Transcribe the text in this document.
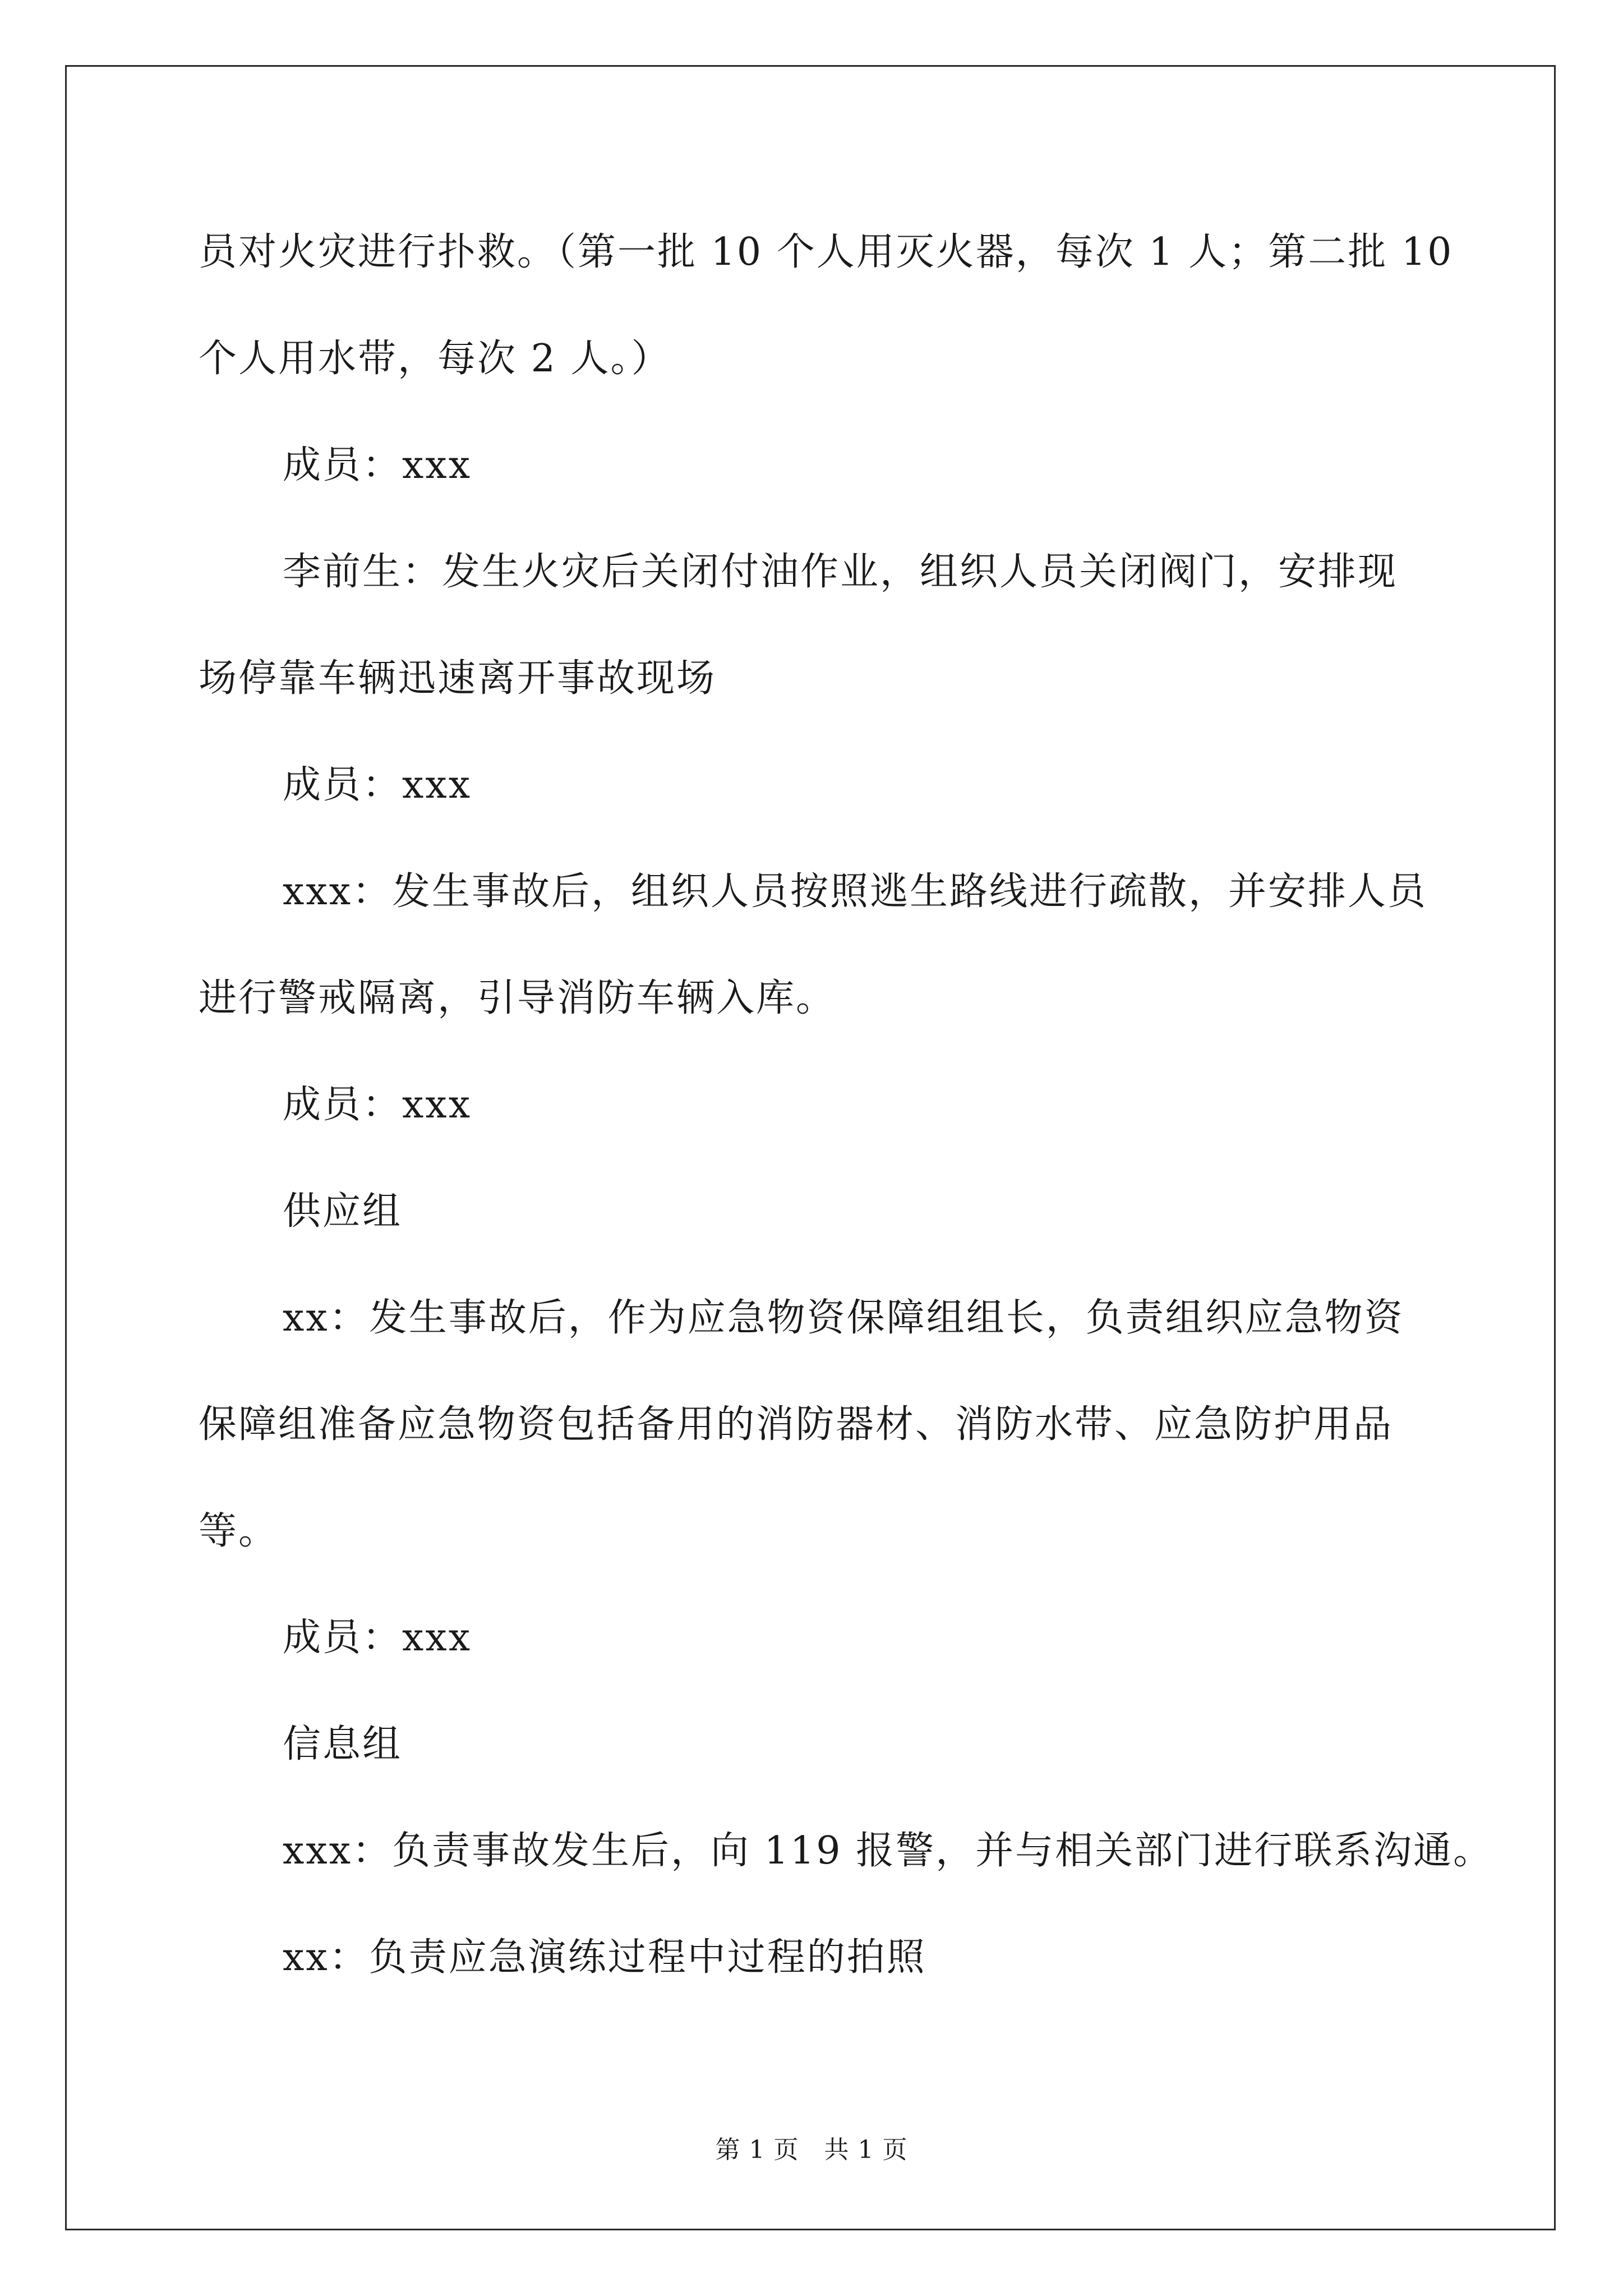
员对火灾进行扑救。（第一批 10 个人用灭火器，每次 1 人；第二批 10
个人用水带，每次 2 人。）
成员：xxx
李前生：发生火灾后关闭付油作业，组织人员关闭阀门，安排现
场停靠车辆迅速离开事故现场
成员：xxx
xxx：发生事故后，组织人员按照逃生路线进行疏散，并安排人员
进行警戒隔离，引导消防车辆入库。
成员：xxx
供应组
xx：发生事故后，作为应急物资保障组组长，负责组织应急物资
保障组准备应急物资包括备用的消防器材、消防水带、应急防护用品
等。
成员：xxx
信息组
xxx：负责事故发生后，向 119 报警，并与相关部门进行联系沟通。
xx：负责应急演练过程中过程的拍照
第 1 页　共 1 页
